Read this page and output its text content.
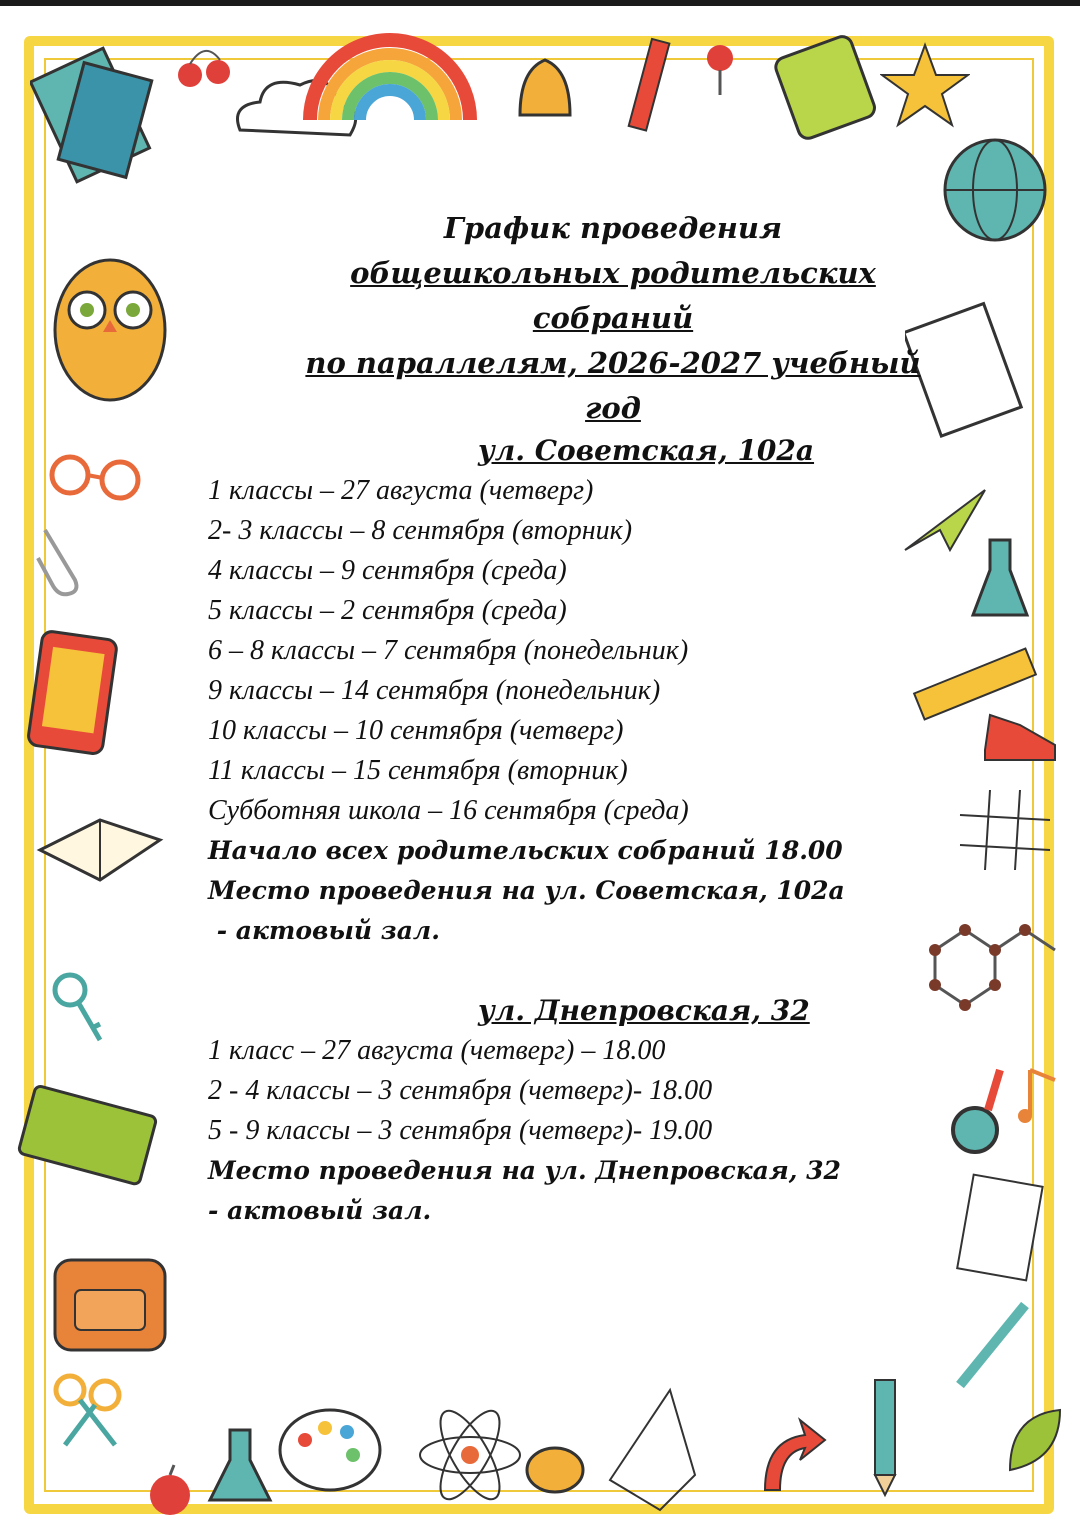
График проведения
общешкольных родительских собраний
по параллелям, 2026-2027 учебный год
ул. Советская, 102а
1 классы – 27 августа (четверг)
2- 3 классы – 8 сентября (вторник)
4 классы – 9 сентября (среда)
5 классы – 2 сентября (среда)
6 – 8 классы – 7 сентября (понедельник)
9 классы – 14 сентября (понедельник)
10 классы – 10 сентября (четверг)
11 классы – 15 сентября (вторник)
Субботняя школа – 16 сентября (среда)
Начало всех родительских собраний 18.00
Место проведения на ул. Советская, 102а
- актовый зал.
ул. Днепровская, 32
1 класс – 27 августа (четверг) – 18.00
2 - 4 классы – 3 сентября (четверг)- 18.00
5 - 9 классы – 3 сентября (четверг)- 19.00
Место проведения на ул. Днепровская, 32
- актовый зал.
